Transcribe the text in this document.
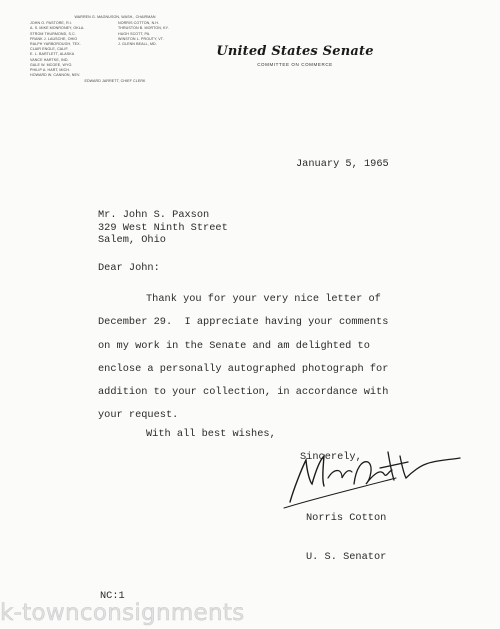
WARREN G. MAGNUSON, WASH., CHAIRMAN
JOHN O. PASTORE, R.I.
A. S. MIKE MONRONEY, OKLA.
STROM THURMOND, S.C.
FRANK J. LAUSCHE, OHIO
RALPH YARBOROUGH, TEX.
CLAIR ENGLE, CALIF.
E. L. BARTLETT, ALASKA
VANCE HARTKE, IND.
GALE W. MCGEE, WYO.
PHILIP A. HART, MICH.
HOWARD W. CANNON, NEV.
NORRIS COTTON, N.H.
THRUSTON B. MORTON, KY.
HUGH SCOTT, PA.
WINSTON L. PROUTY, VT.
J. GLENN BEALL, MD.
EDWARD JARRETT, CHIEF CLERK
United States Senate
COMMITTEE ON COMMERCE
January 5, 1965
Mr. John S. Paxson
329 West Ninth Street
Salem, Ohio
Dear John:
Thank you for your very nice letter of
December 29.  I appreciate having your comments
on my work in the Senate and am delighted to
enclose a personally autographed photograph for
addition to your collection, in accordance with
your request.
With all best wishes,
Sincerely,

Norris Cotton

U. S. Senator

NC:1
k-townconsignments
